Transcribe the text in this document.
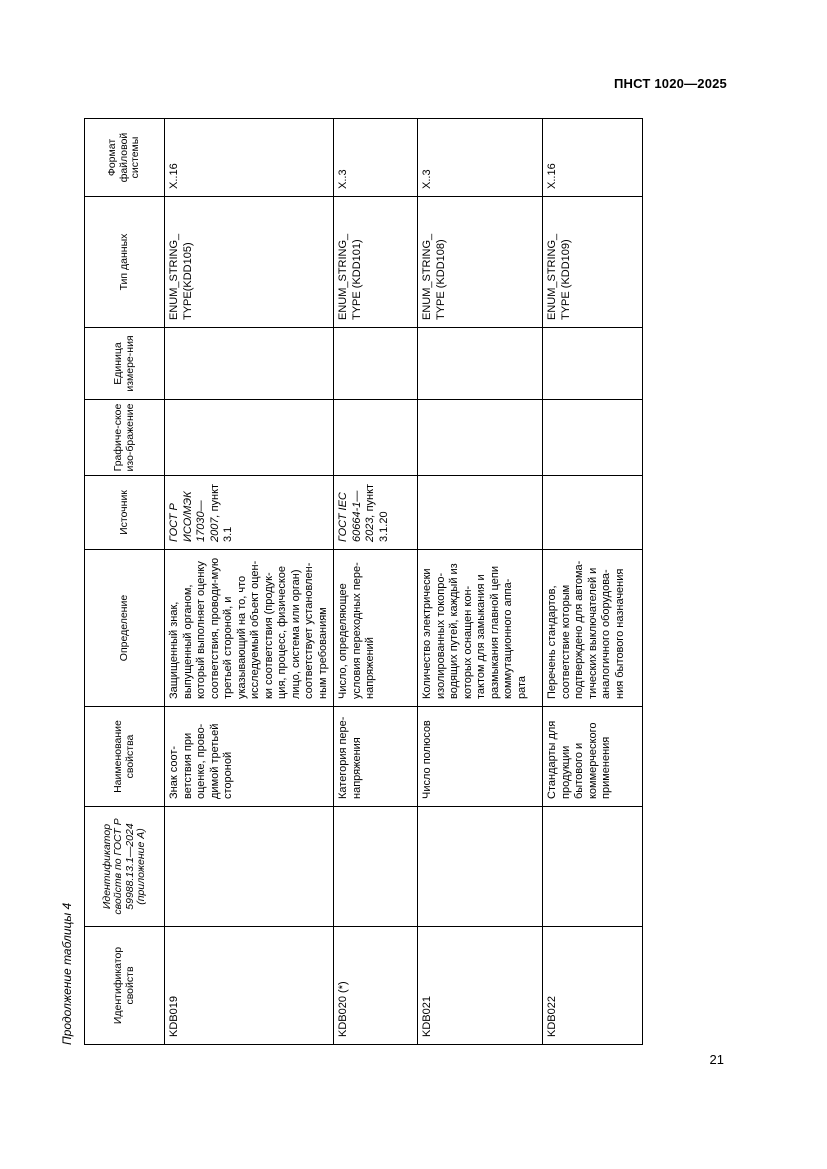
ПНСТ 1020—2025
Продолжение таблицы 4	Идентификатор свойств	Идентификатор свойств по ГОСТ Р 59988.13.1—2024 (приложение А)	Наименование свойства	Определение	Источник	Графиче-ское изо-бражение	Единица измере-ния	Тип данных	Формат файловой системы
KDB019		Знак соот-ветствия при оценке, прово-димой третьей стороной	Защищенный знак, выпущенный органом, который выполняет оценку соответствия, проводи-мую третьей стороной, и указывающий на то, что исследуемый объект оцен-ки соответствия (продук-ция, процесс, физическое лицо, система или орган) соответствует установлен-ным требованиям	ГОСТ Р ИСО/МЭК 17030—2007, пункт 3.1			ENUM_STRING_ TYPE(KDD105)	X..16
KDB020 (*)		Категория пере-напряжения	Число, определяющее условия переходных пере-напряжений	ГОСТ IEC 60664-1—2023, пункт 3.1.20			ENUM_STRING_ TYPE (KDD101)	X..3
KDB021		Число полюсов	Количество электрически изолированных токопро-водящих путей, каждый из которых оснащен кон-тактом для замыкания и размыкания главной цепи коммутационного аппа-рата				ENUM_STRING_ TYPE (KDD108)	X..3
KDB022		Стандарты для продукции бытового и коммерческого применения	Перечень стандартов, соответствие которым подтверждено для автома-тических выключателей и аналогичного оборудова-ния бытового назначения				ENUM_STRING_ TYPE (KDD109)	X..16
21
